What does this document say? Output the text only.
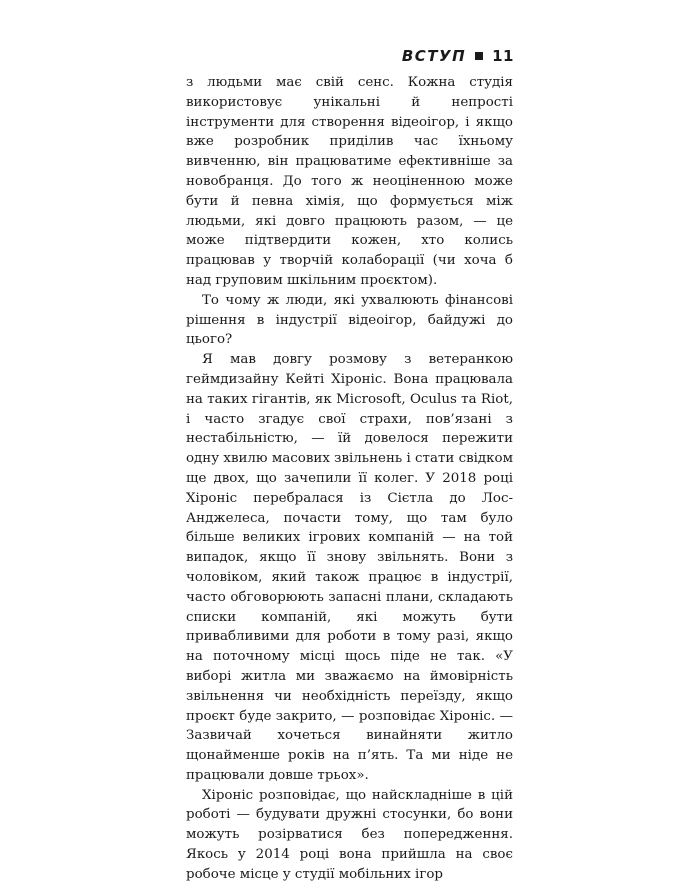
ВСТУП 11

з людьми має свій сенс. Кожна студія використовує унікальні й непрості інструменти для створення відеоігор, і якщо вже розробник приділив час їхньому вивченню, він працюватиме ефективніше за новобранця. До того ж неоціненною може бути й певна хімія, що формується між людьми, які довго працюють разом, — це може підтвердити кожен, хто колись працював у творчій колаборації (чи хоча б над груповим шкільним проєктом).

То чому ж люди, які ухвалюють фінансові рішення в індустрії відеоігор, байдужі до цього?

Я мав довгу розмову з ветеранкою геймдизайну Кейті Хіроніс. Вона працювала на таких гігантів, як Microsoft, Oculus та Riot, і часто згадує свої страхи, пов’язані з нестабільністю, — їй довелося пережити одну хвилю масових звільнень і стати свідком ще двох, що зачепили її колег. У 2018 році Хіроніс перебралася із Сієтла до Лос-Анджелеса, почасти тому, що там було більше великих ігрових компаній — на той випадок, якщо її знову звільнять. Вони з чоловіком, який також працює в індустрії, часто обговорюють запасні плани, складають списки компаній, які можуть бути привабливими для роботи в тому разі, якщо на поточному місці щось піде не так. «У виборі житла ми зважаємо на ймовірність звільнення чи необхідність переїзду, якщо проєкт буде закрито, — розповідає Хіроніс. — Зазвичай хочеться винайняти житло щонайменше років на п’ять. Та ми ніде не працювали довше трьох».

Хіроніс розповідає, що найскладніше в цій роботі — будувати дружні стосунки, бо вони можуть розірватися без попередження. Якось у 2014 році вона прийшла на своє робоче місце у студії мобільних ігор
